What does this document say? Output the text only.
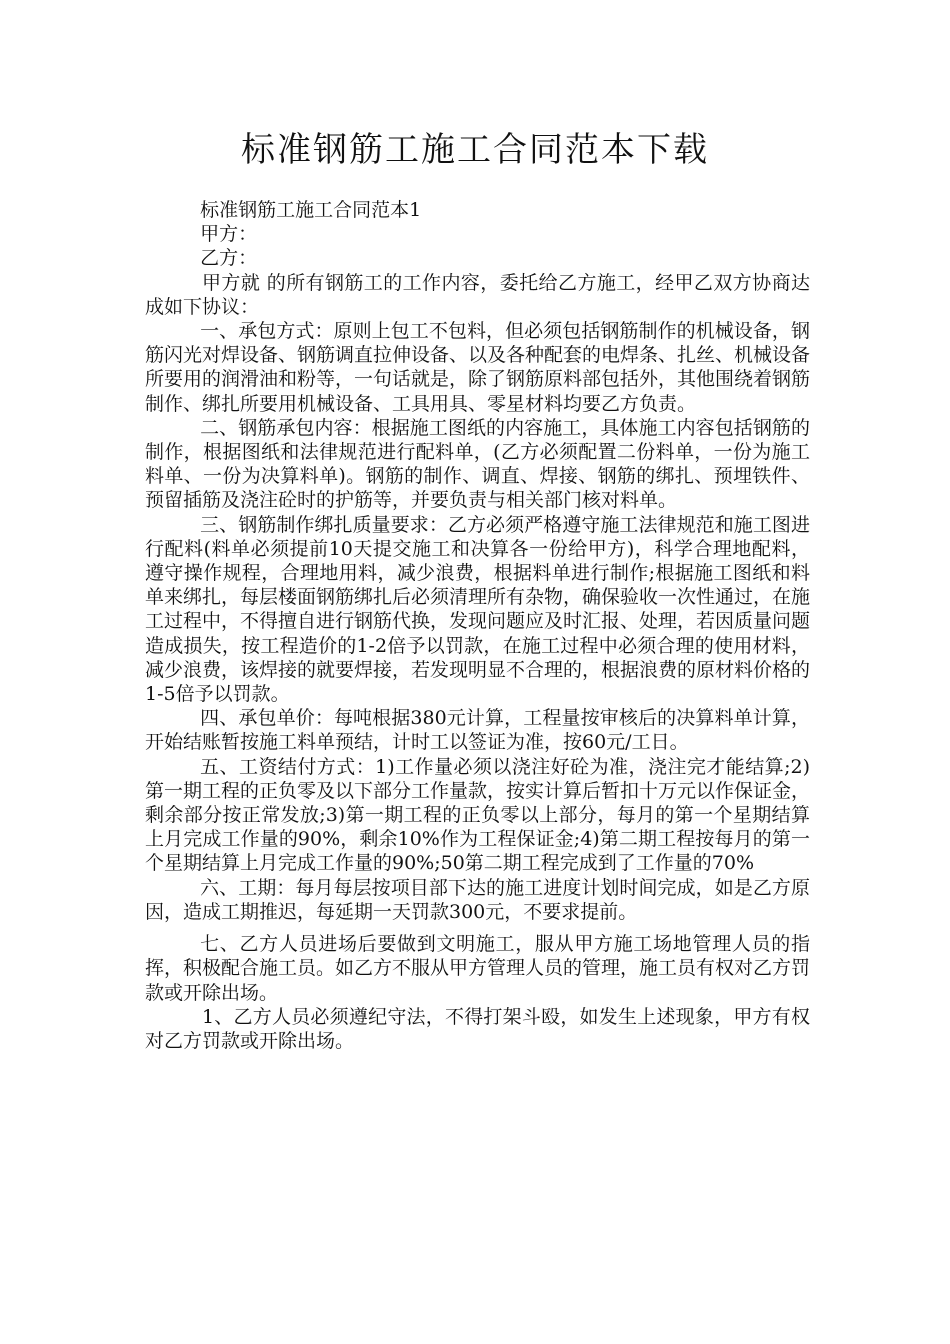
标准钢筋工施工合同范本下载

标准钢筋工施工合同范本1

甲方：

乙方：

甲方就 的所有钢筋工的工作内容，委托给乙方施工，经甲乙双方协商达成如下协议：

一、承包方式：原则上包工不包料，但必须包括钢筋制作的机械设备，钢筋闪光对焊设备、钢筋调直拉伸设备、以及各种配套的电焊条、扎丝、机械设备所要用的润滑油和粉等，一句话就是，除了钢筋原料部包括外，其他围绕着钢筋制作、绑扎所要用机械设备、工具用具、零星材料均要乙方负责。

二、钢筋承包内容：根据施工图纸的内容施工，具体施工内容包括钢筋的制作，根据图纸和法律规范进行配料单，(乙方必须配置二份料单，一份为施工料单、一份为决算料单)。钢筋的制作、调直、焊接、钢筋的绑扎、预埋铁件、预留插筋及浇注砼时的护筋等，并要负责与相关部门核对料单。

三、钢筋制作绑扎质量要求：乙方必须严格遵守施工法律规范和施工图进行配料(料单必须提前10天提交施工和决算各一份给甲方)，科学合理地配料，遵守操作规程，合理地用料，减少浪费，根据料单进行制作;根据施工图纸和料单来绑扎，每层楼面钢筋绑扎后必须清理所有杂物，确保验收一次性通过，在施工过程中，不得擅自进行钢筋代换，发现问题应及时汇报、处理，若因质量问题造成损失，按工程造价的1-2倍予以罚款，在施工过程中必须合理的使用材料，减少浪费，该焊接的就要焊接，若发现明显不合理的，根据浪费的原材料价格的1-5倍予以罚款。

四、承包单价：每吨根据380元计算，工程量按审核后的决算料单计算，开始结账暂按施工料单预结，计时工以签证为准，按60元/工日。

五、工资结付方式：1)工作量必须以浇注好砼为准，浇注完才能结算;2)第一期工程的正负零及以下部分工作量款，按实计算后暂扣十万元以作保证金，剩余部分按正常发放;3)第一期工程的正负零以上部分，每月的第一个星期结算上月完成工作量的90%，剩余10%作为工程保证金;4)第二期工程按每月的第一个星期结算上月完成工作量的90%;50第二期工程完成到了工作量的70%

六、工期：每月每层按项目部下达的施工进度计划时间完成，如是乙方原因，造成工期推迟，每延期一天罚款300元，不要求提前。

七、乙方人员进场后要做到文明施工，服从甲方施工场地管理人员的指挥，积极配合施工员。如乙方不服从甲方管理人员的管理，施工员有权对乙方罚款或开除出场。

1、乙方人员必须遵纪守法，不得打架斗殴，如发生上述现象，甲方有权对乙方罚款或开除出场。
